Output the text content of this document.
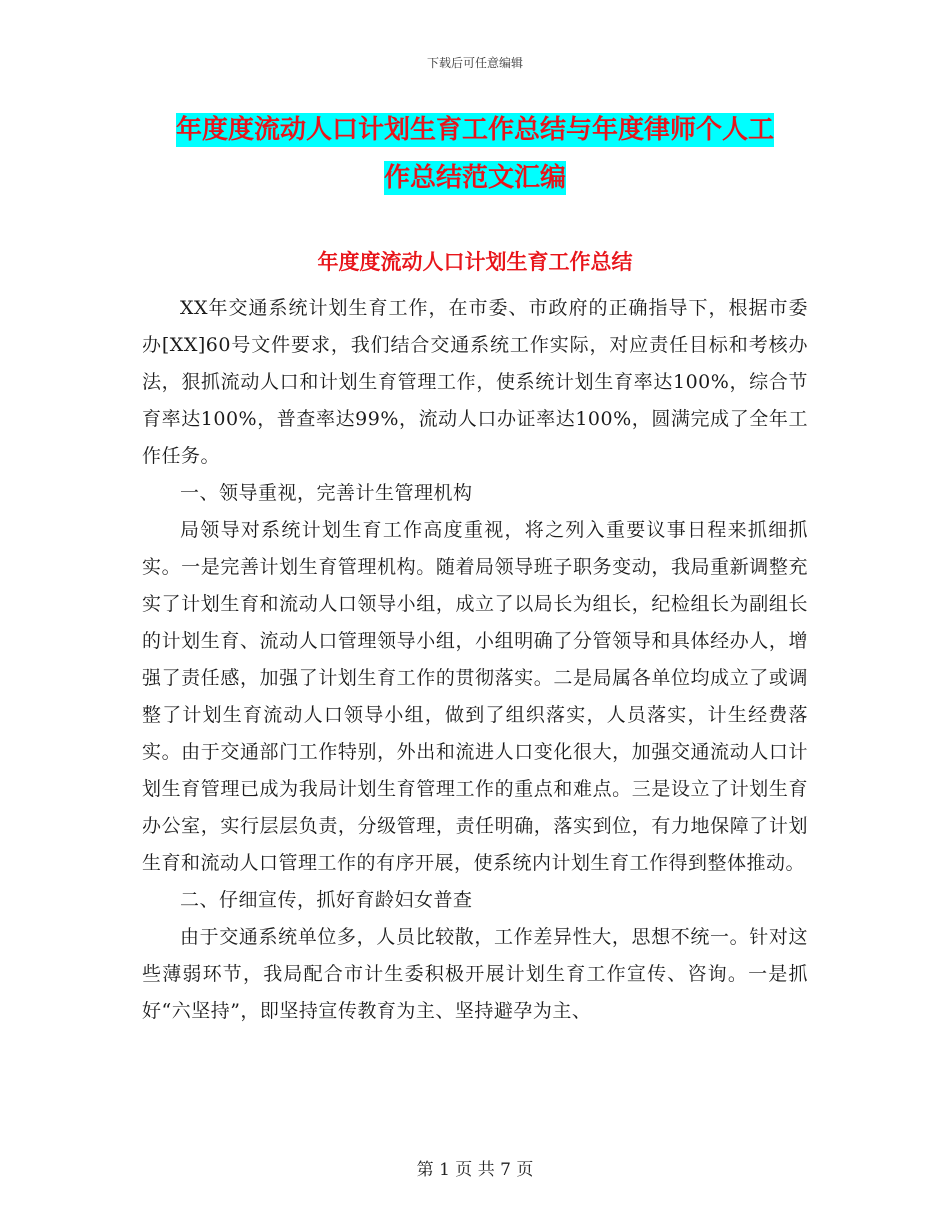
下载后可任意编辑
年度度流动人口计划生育工作总结与年度律师个人工
作总结范文汇编
年度度流动人口计划生育工作总结

XX年交通系统计划生育工作，在市委、市政府的正确指导下，根据市委办[XX]60号文件要求，我们结合交通系统工作实际，对应责任目标和考核办法，狠抓流动人口和计划生育管理工作，使系统计划生育率达100%，综合节育率达100%，普查率达99%，流动人口办证率达100%，圆满完成了全年工作任务。

一、领导重视，完善计生管理机构

局领导对系统计划生育工作高度重视，将之列入重要议事日程来抓细抓实。一是完善计划生育管理机构。随着局领导班子职务变动，我局重新调整充实了计划生育和流动人口领导小组，成立了以局长为组长，纪检组长为副组长的计划生育、流动人口管理领导小组，小组明确了分管领导和具体经办人，增强了责任感，加强了计划生育工作的贯彻落实。二是局属各单位均成立了或调整了计划生育流动人口领导小组，做到了组织落实，人员落实，计生经费落实。由于交通部门工作特别，外出和流进人口变化很大，加强交通流动人口计划生育管理已成为我局计划生育管理工作的重点和难点。三是设立了计划生育办公室，实行层层负责，分级管理，责任明确，落实到位，有力地保障了计划生育和流动人口管理工作的有序开展，使系统内计划生育工作得到整体推动。

二、仔细宣传，抓好育龄妇女普查

由于交通系统单位多，人员比较散，工作差异性大，思想不统一。针对这些薄弱环节，我局配合市计生委积极开展计划生育工作宣传、咨询。一是抓好“六坚持”，即坚持宣传教育为主、坚持避孕为主、

第 1 页 共 7 页
